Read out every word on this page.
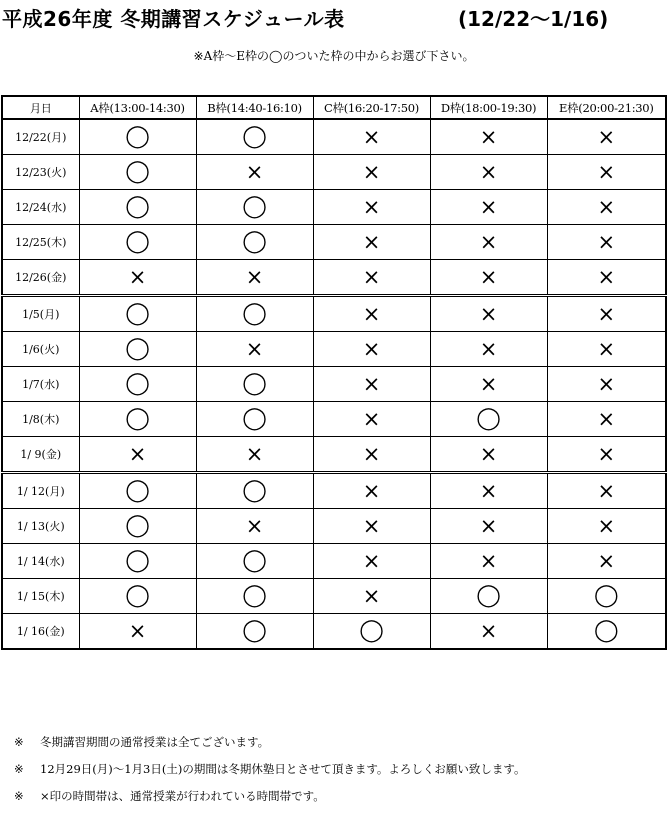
平成26年度 冬期講習スケジュール表	(12/22〜1/16)
※A枠〜E枠の◯のついた枠の中からお選び下さい。
月日	A枠(13:00-14:30)	B枠(14:40-16:10)	C枠(16:20-17:50)	D枠(18:00-19:30)	E枠(20:00-21:30)
12/22(月)	◯	◯	×	×	×
12/23(火)	◯	×	×	×	×
12/24(水)	◯	◯	×	×	×
12/25(木)	◯	◯	×	×	×
12/26(金)	×	×	×	×	×
1/5(月)	◯	◯	×	×	×
1/6(火)	◯	×	×	×	×
1/7(水)	◯	◯	×	×	×
1/8(木)	◯	◯	×	◯	×
1/ 9(金)	×	×	×	×	×
1/ 12(月)	◯	◯	×	×	×
1/ 13(火)	◯	×	×	×	×
1/ 14(水)	◯	◯	×	×	×
1/ 15(木)	◯	◯	×	◯	◯
1/ 16(金)	×	◯	◯	×	◯
※ 冬期講習期間の通常授業は全てございます。
※ 12月29日(月)〜1月3日(土)の期間は冬期休塾日とさせて頂きます。よろしくお願い致します。
※ ×印の時間帯は、通常授業が行われている時間帯です。
